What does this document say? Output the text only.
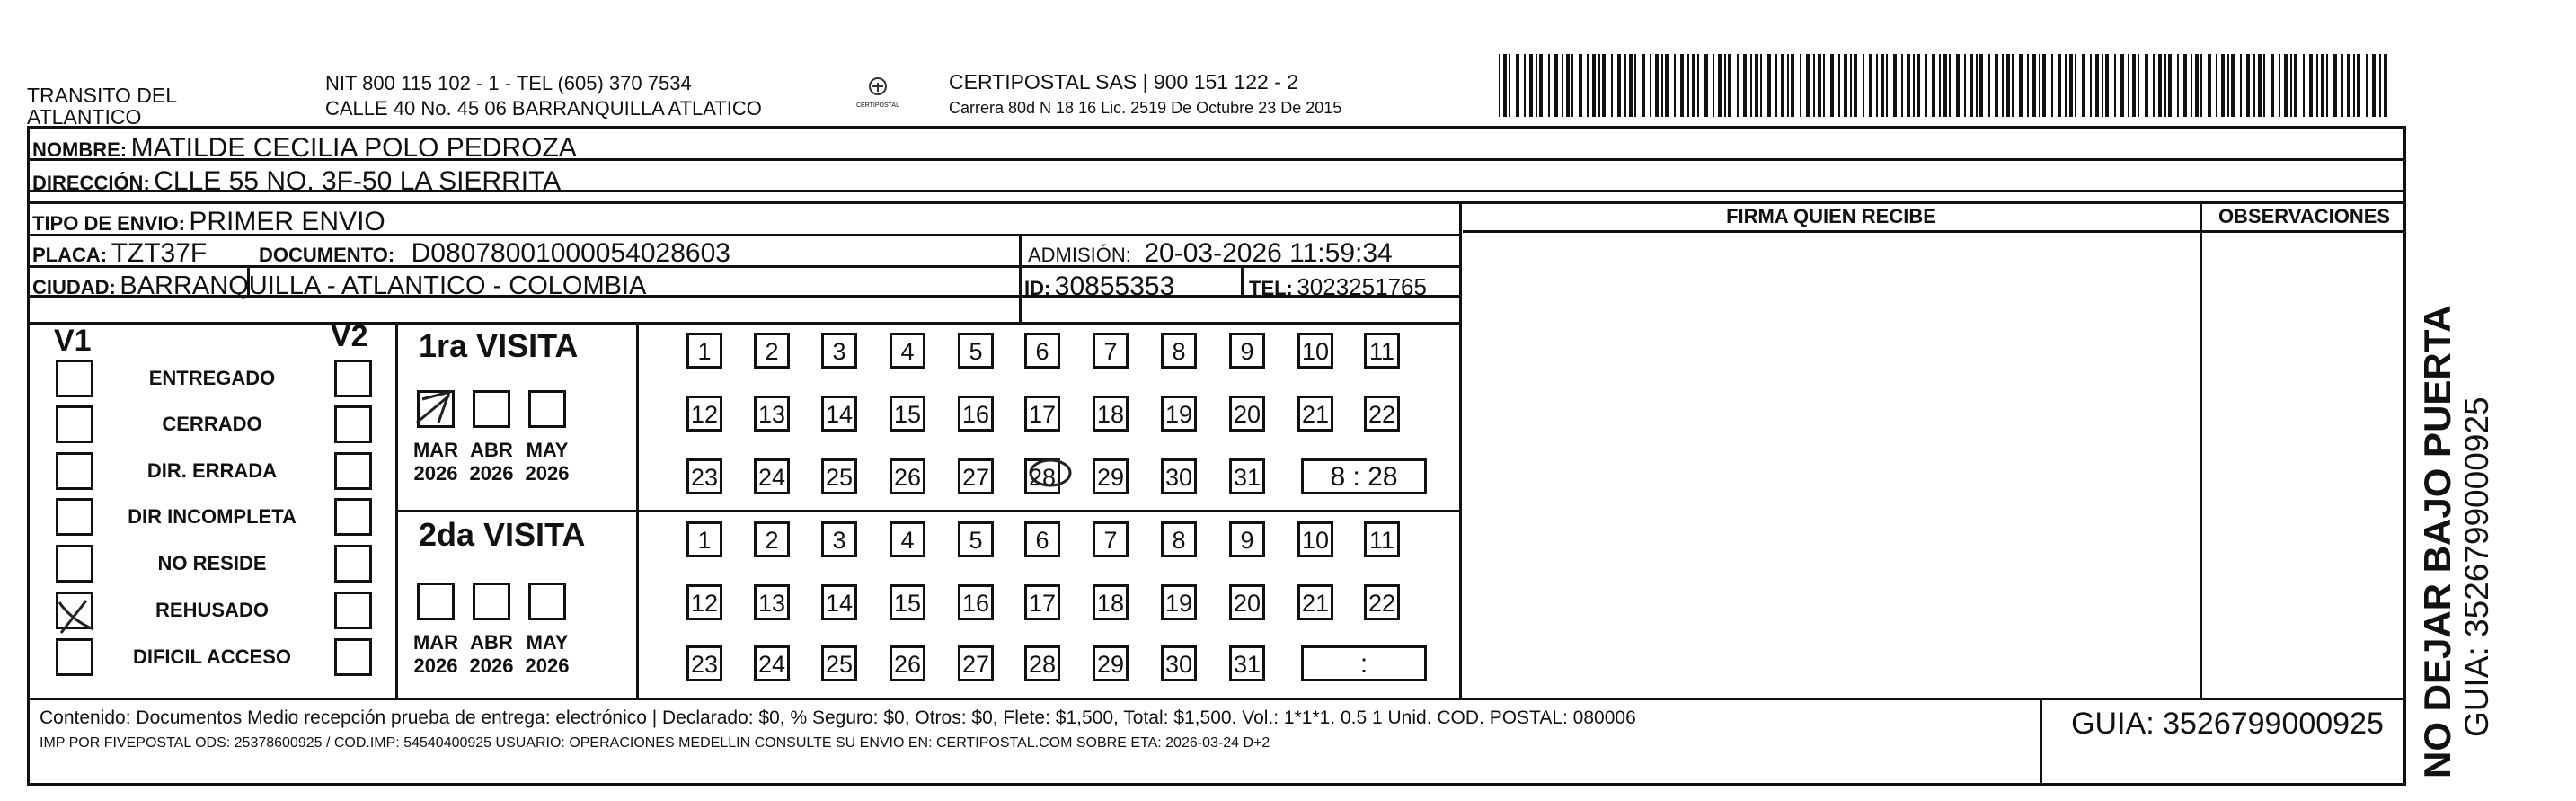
TRANSITO DEL
ATLANTICO
NIT 800 115 102 - 1 - TEL (605) 370 7534
CALLE 40 No. 45 06 BARRANQUILLA ATLATICO	CERTIPOSTAL
CERTIPOSTAL SAS | 900 151 122 - 2
Carrera 80d N 18 16 Lic. 2519 De Octubre 23 De 2015
NOMBRE: MATILDE CECILIA POLO PEDROZA
DIRECCIÓN: CLLE 55 NO. 3F-50 LA SIERRITA
TIPO DE ENVIO: PRIMER ENVIO	FIRMA QUIEN RECIBE	OBSERVACIONES
PLACA: TZT37F	DOCUMENTO: D08078001000054028603	ADMISIÓN: 20-03-2026 11:59:34
CIUDAD: BARRANQUILLA - ATLANTICO - COLOMBIA	ID: 30855353	TEL: 3023251765
V1	V2
ENTREGADO
CERRADO
DIR. ERRADA
DIR INCOMPLETA
NO RESIDE
REHUSADO
DIFICIL ACCESO
1ra VISITA
2da VISITA
MAR
2026
ABR
2026
MAY
2026
MAR
2026
ABR
2026
MAY
2026
1	2	3	4	5	6	7	8	9	10 11
12 13 14 15 16 17 18 19 20 21 22
23 24 25 26 27 28 29 30 31	8 : 28
1	2	3	4	5	6	7	8	9	10 11
12 13 14 15 16 17 18 19 20 21 22
23 24 25 26 27 28 29 30 31	:
Contenido: Documentos Medio recepción prueba de entrega: electrónico | Declarado: $0, % Seguro: $0, Otros: $0, Flete: $1,500, Total: $1,500. Vol.: 1*1*1. 0.5 1 Unid. COD. POSTAL: 080006
IMP POR FIVEPOSTAL ODS: 25378600925 / COD.IMP: 54540400925 USUARIO: OPERACIONES MEDELLIN CONSULTE SU ENVIO EN: CERTIPOSTAL.COM SOBRE ETA: 2026-03-24 D+2
GUIA: 3526799000925 NO DEJAR BAJO PUERTA GUIA: 3526799000925
